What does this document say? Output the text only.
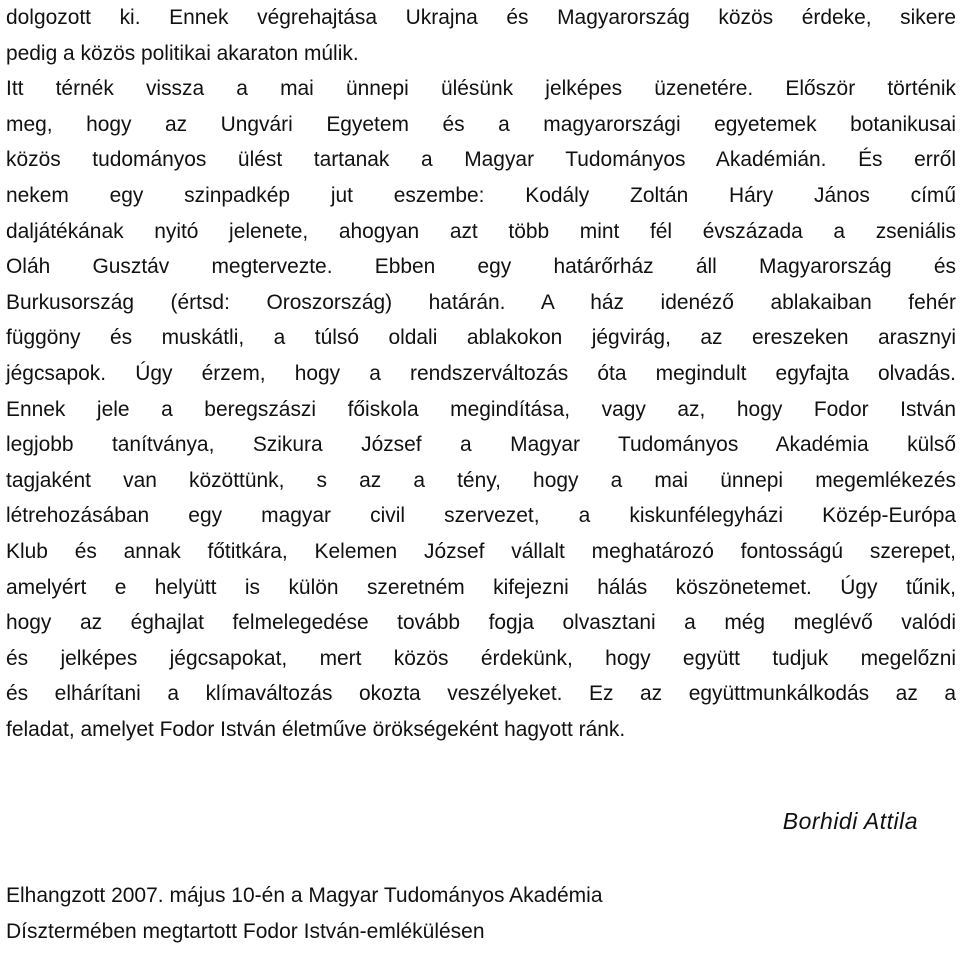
dolgozott ki. Ennek végrehajtása Ukrajna és Magyarország közös érdeke, sikere
pedig a közös politikai akaraton múlik.
Itt térnék vissza a mai ünnepi ülésünk jelképes üzenetére. Először történik
meg, hogy az Ungvári Egyetem és a magyarországi egyetemek botanikusai
közös tudományos ülést tartanak a Magyar Tudományos Akadémián. És erről
nekem egy szinpadkép jut eszembe: Kodály Zoltán Háry János című
daljátékának nyitó jelenete, ahogyan azt több mint fél évszázada a zseniális
Oláh Gusztáv megtervezte. Ebben egy határőrház áll Magyarország és
Burkusország (értsd: Oroszország) határán. A ház idenéző ablakaiban fehér
függöny és muskátli, a túlsó oldali ablakokon jégvirág, az ereszeken arasznyi
jégcsapok. Úgy érzem, hogy a rendszerváltozás óta megindult egyfajta olvadás.
Ennek jele a beregszászi főiskola megindítása, vagy az, hogy Fodor István
legjobb tanítványa, Szikura József a Magyar Tudományos Akadémia külső
tagjaként van közöttünk, s az a tény, hogy a mai ünnepi megemlékezés
létrehozásában egy magyar civil szervezet, a kiskunfélegyházi Közép-Európa
Klub és annak főtitkára, Kelemen József vállalt meghatározó fontosságú szerepet,
amelyért e helyütt is külön szeretném kifejezni hálás köszönetemet. Úgy tűnik,
hogy az éghajlat felmelegedése tovább fogja olvasztani a még meglévő valódi
és jelképes jégcsapokat, mert közös érdekünk, hogy együtt tudjuk megelőzni
és elhárítani a klímaváltozás okozta veszélyeket. Ez az együttmunkálkodás az a
feladat, amelyet Fodor István életműve örökségeként hagyott ránk.
Borhidi Attila
Elhangzott 2007. május 10-én a Magyar Tudományos Akadémia
Dísztermében megtartott Fodor István-emlékülésen
